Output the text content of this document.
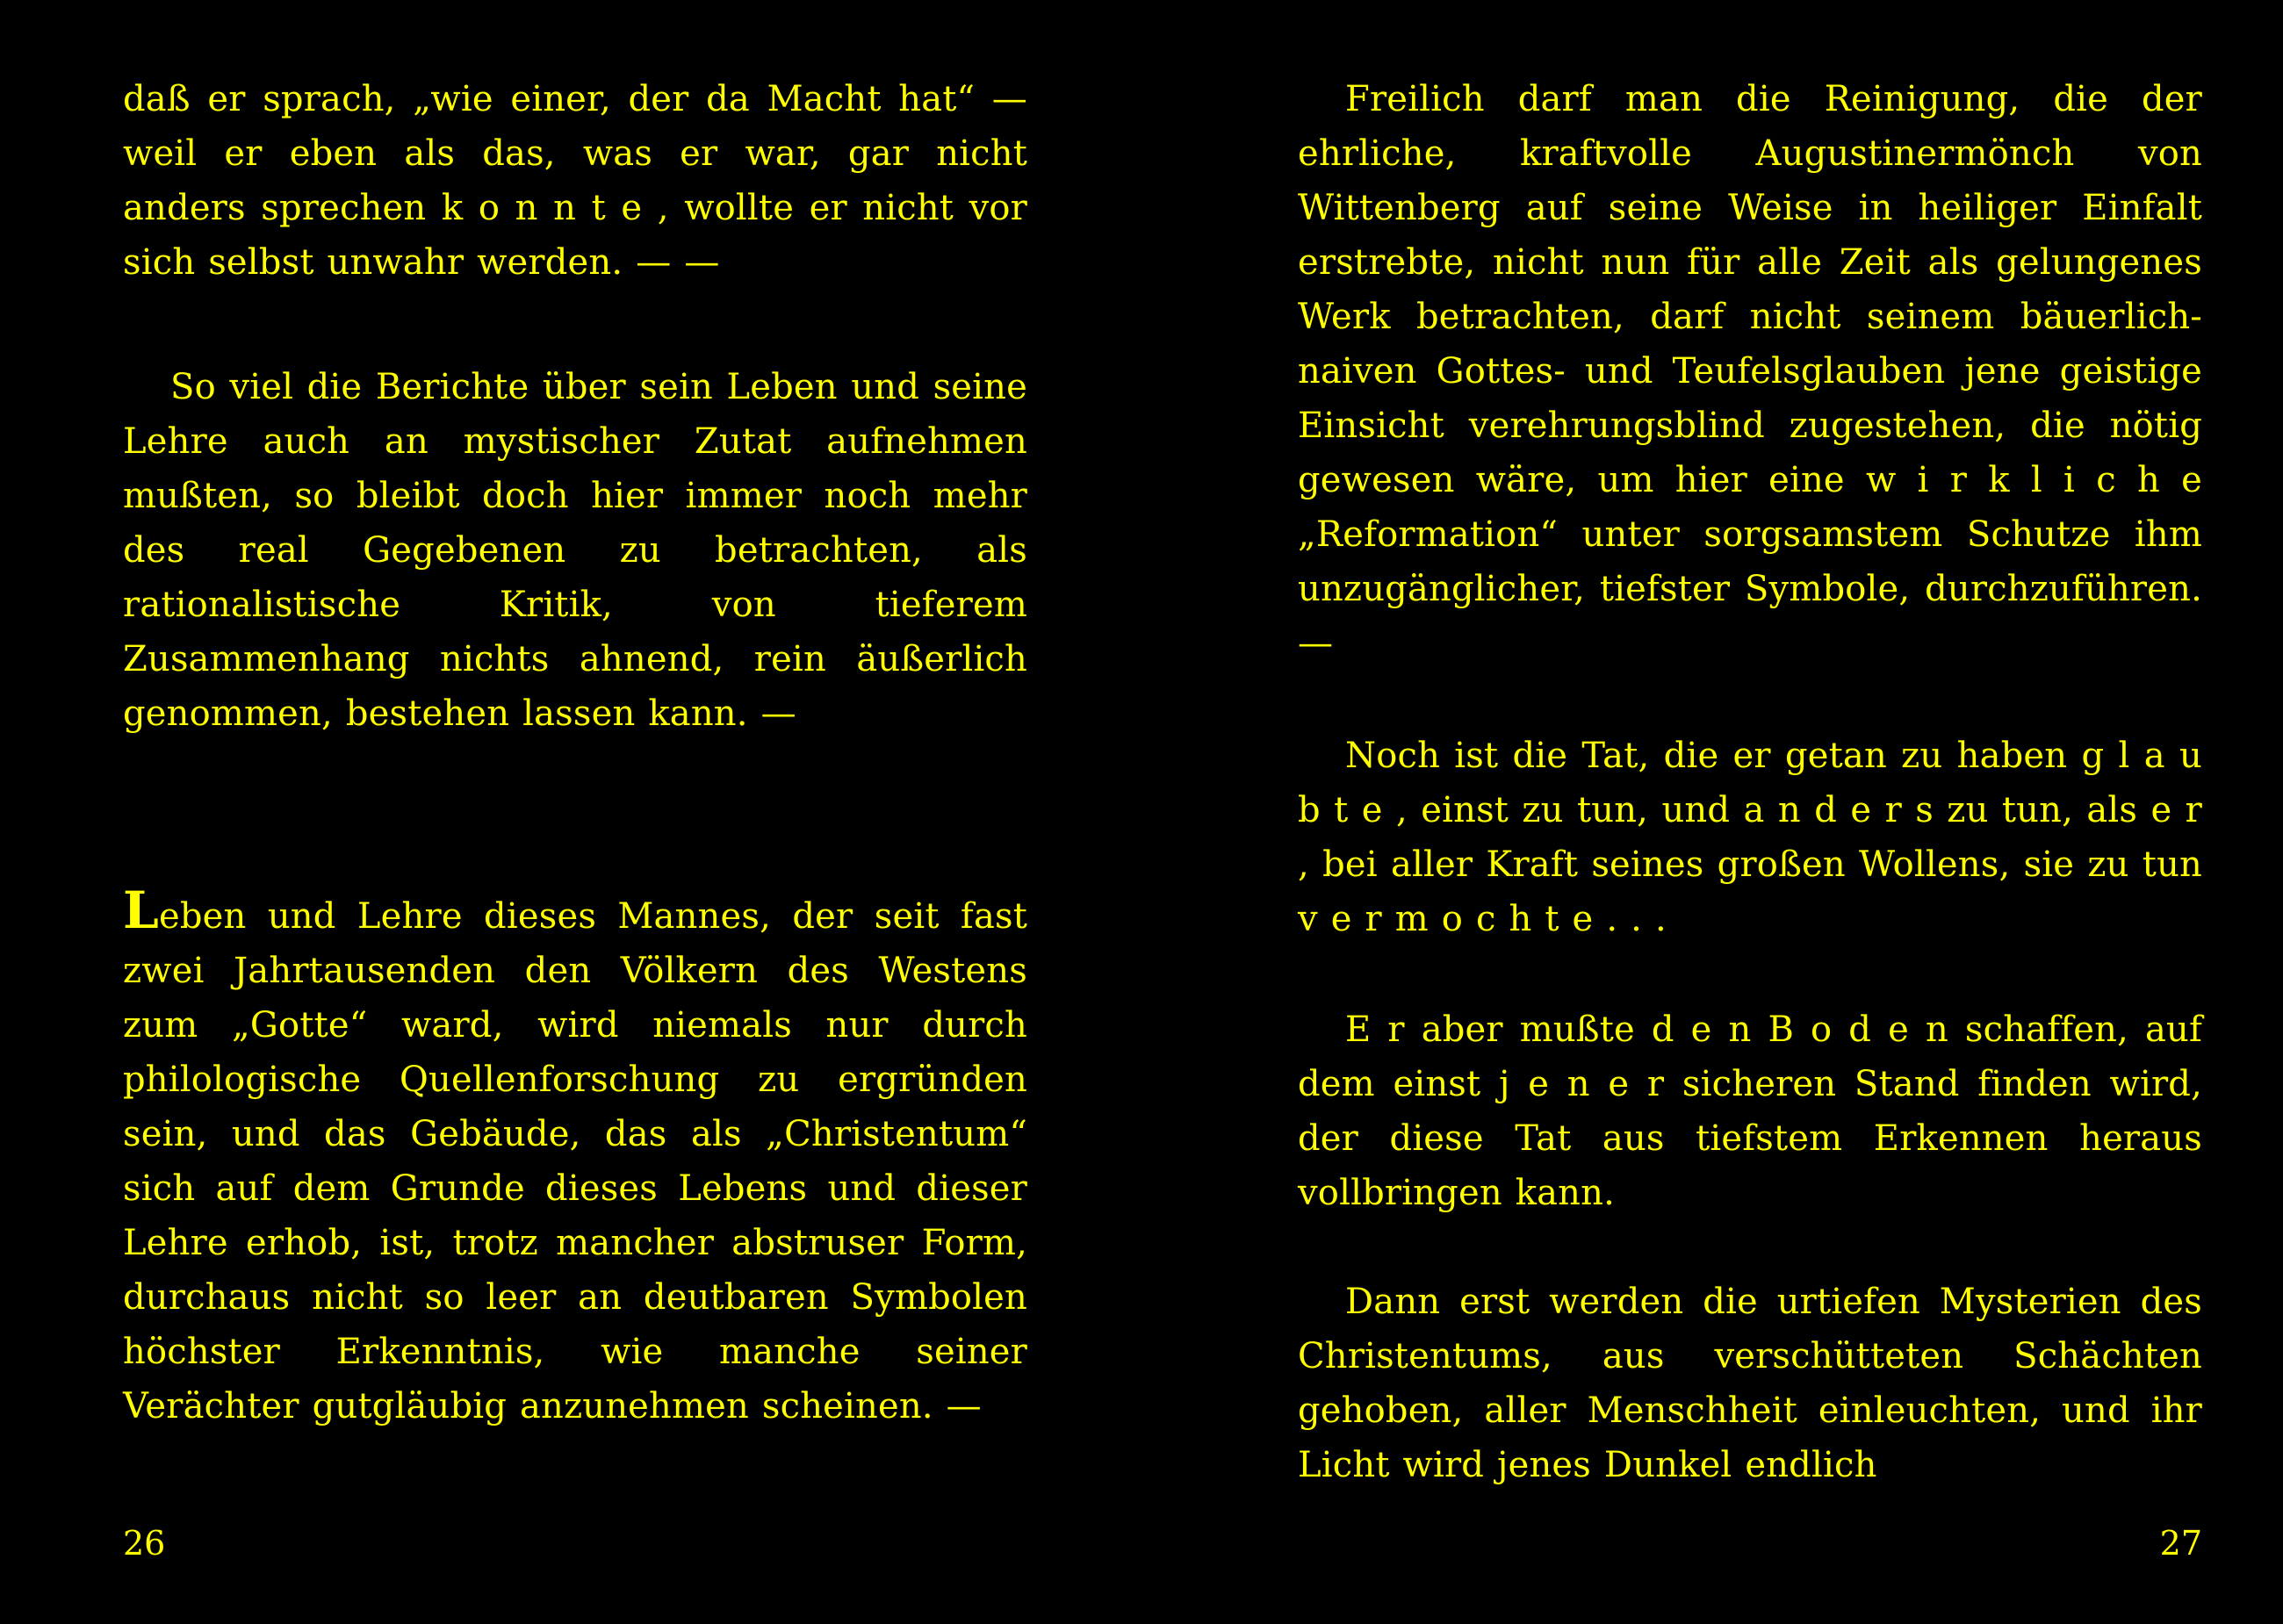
daß er sprach, „wie einer, der da Macht hat“ — weil er eben als das, was er war, gar nicht anders sprechen k o n n t e , wollte er nicht vor sich selbst unwahr werden. — —

So viel die Berichte über sein Leben und seine Lehre auch an mystischer Zutat aufnehmen mußten, so bleibt doch hier immer noch mehr des real Gegebenen zu betrachten, als rationalistische Kritik, von tieferem Zusammenhang nichts ahnend, rein äußerlich genommen, bestehen lassen kann. —

Leben und Lehre dieses Mannes, der seit fast zwei Jahrtausenden den Völkern des Westens zum „Gotte“ ward, wird niemals nur durch philologische Quellenforschung zu ergründen sein, und das Gebäude, das als „Christentum“ sich auf dem Grunde dieses Lebens und dieser Lehre erhob, ist, trotz mancher abstruser Form, durchaus nicht so leer an deutbaren Symbolen höchster Erkenntnis, wie manche seiner Verächter gutgläubig anzunehmen scheinen. —

26

Freilich darf man die Reinigung, die der ehrliche, kraftvolle Augustinermönch von Wittenberg auf seine Weise in heiliger Einfalt erstrebte, nicht nun für alle Zeit als gelungenes Werk betrachten, darf nicht seinem bäuerlich-naiven Gottes- und Teufelsglauben jene geistige Einsicht verehrungsblind zugestehen, die nötig gewesen wäre, um hier eine w i r k l i c h e „Reformation“ unter sorgsamstem Schutze ihm unzugänglicher, tiefster Symbole, durchzuführen. —

Noch ist die Tat, die er getan zu haben g l a u b t e , einst zu tun, und a n d e r s zu tun, als e r , bei aller Kraft seines großen Wollens, sie zu tun v e r m o c h t e . . .

E r aber mußte d e n B o d e n schaffen, auf dem einst j e n e r sicheren Stand finden wird, der diese Tat aus tiefstem Erkennen heraus vollbringen kann.

Dann erst werden die urtiefen Mysterien des Christentums, aus verschütteten Schächten gehoben, aller Menschheit einleuchten, und ihr Licht wird jenes Dunkel endlich

27
